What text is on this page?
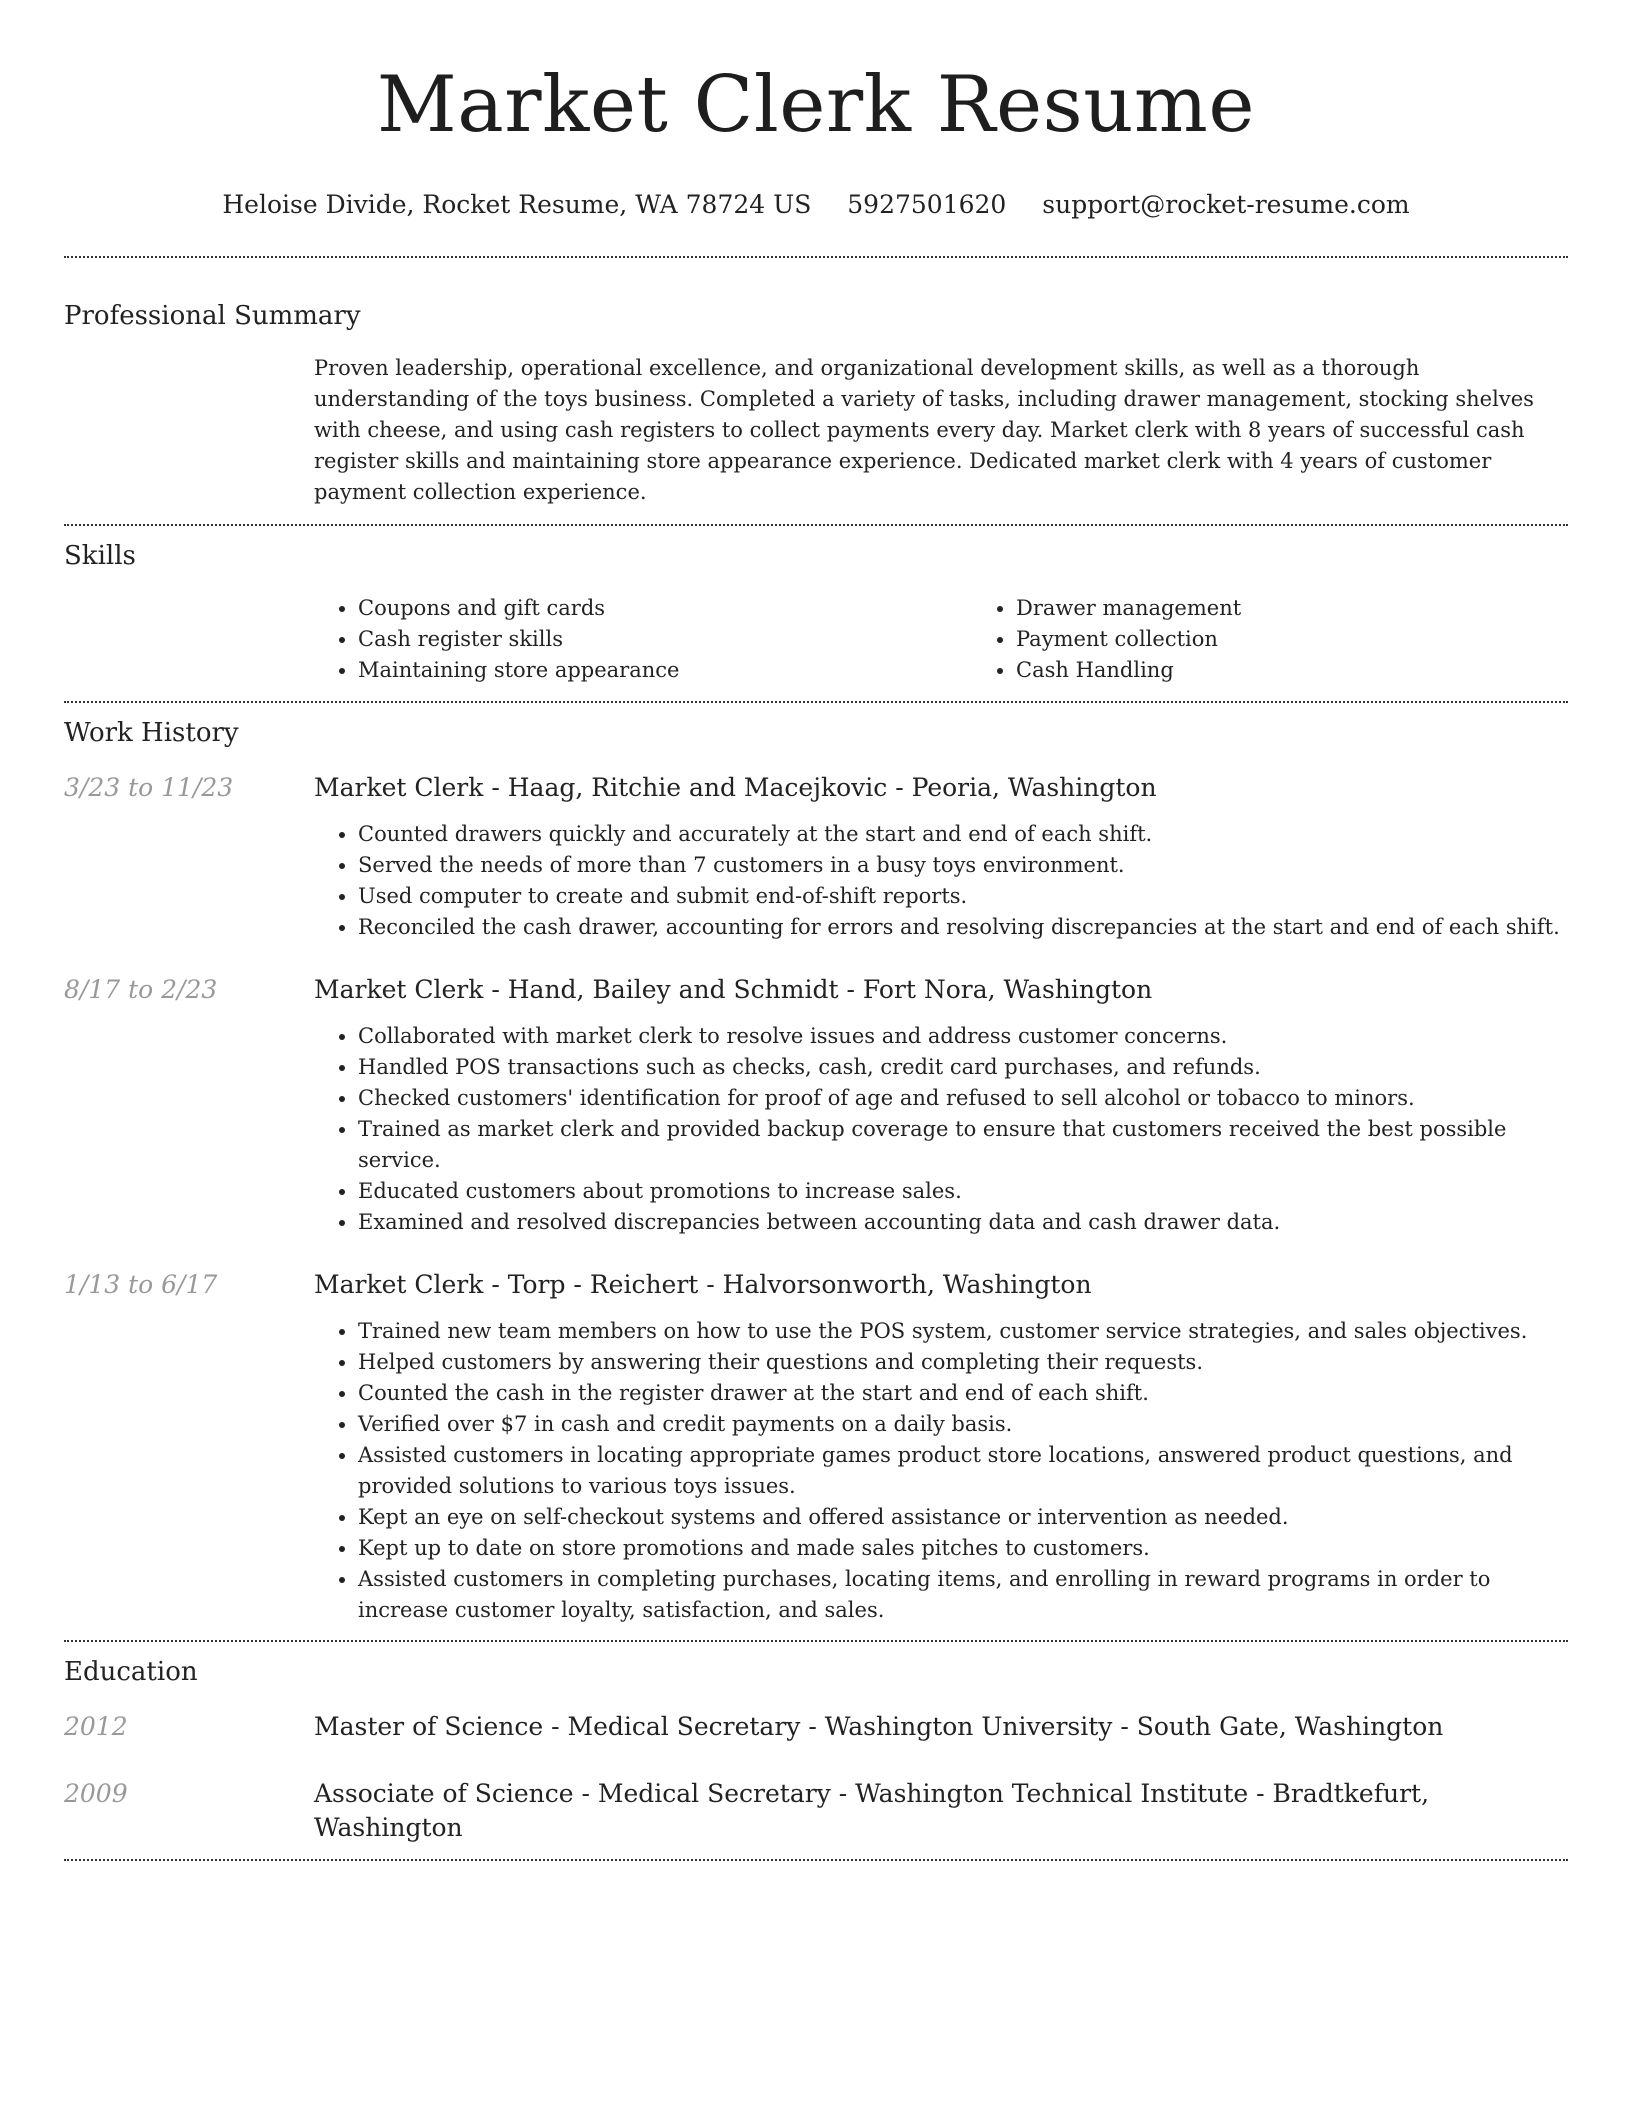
Market Clerk Resume
Heloise Divide, Rocket Resume, WA 78724 US 5927501620 support@rocket-resume.com
Professional Summary
Proven leadership, operational excellence, and organizational development skills, as well as a thorough understanding of the toys business. Completed a variety of tasks, including drawer management, stocking shelves with cheese, and using cash registers to collect payments every day. Market clerk with 8 years of successful cash register skills and maintaining store appearance experience. Dedicated market clerk with 4 years of customer payment collection experience.
Skills
• Coupons and gift cards
• Cash register skills
• Maintaining store appearance
• Drawer management
• Payment collection
• Cash Handling
Work History
3/23 to 11/23	Market Clerk - Haag, Ritchie and Macejkovic - Peoria, Washington
• Counted drawers quickly and accurately at the start and end of each shift.
• Served the needs of more than 7 customers in a busy toys environment.
• Used computer to create and submit end-of-shift reports.
• Reconciled the cash drawer, accounting for errors and resolving discrepancies at the start and end of each shift.
8/17 to 2/23	Market Clerk - Hand, Bailey and Schmidt - Fort Nora, Washington
• Collaborated with market clerk to resolve issues and address customer concerns.
• Handled POS transactions such as checks, cash, credit card purchases, and refunds.
• Checked customers' identification for proof of age and refused to sell alcohol or tobacco to minors.
• Trained as market clerk and provided backup coverage to ensure that customers received the best possible service.
• Educated customers about promotions to increase sales.
• Examined and resolved discrepancies between accounting data and cash drawer data.
1/13 to 6/17	Market Clerk - Torp - Reichert - Halvorsonworth, Washington
• Trained new team members on how to use the POS system, customer service strategies, and sales objectives.
• Helped customers by answering their questions and completing their requests.
• Counted the cash in the register drawer at the start and end of each shift.
• Verified over $7 in cash and credit payments on a daily basis.
• Assisted customers in locating appropriate games product store locations, answered product questions, and provided solutions to various toys issues.
• Kept an eye on self-checkout systems and offered assistance or intervention as needed.
• Kept up to date on store promotions and made sales pitches to customers.
• Assisted customers in completing purchases, locating items, and enrolling in reward programs in order to increase customer loyalty, satisfaction, and sales.
Education
2012	Master of Science - Medical Secretary - Washington University - South Gate, Washington
2009	Associate of Science - Medical Secretary - Washington Technical Institute - Bradtkefurt, Washington
